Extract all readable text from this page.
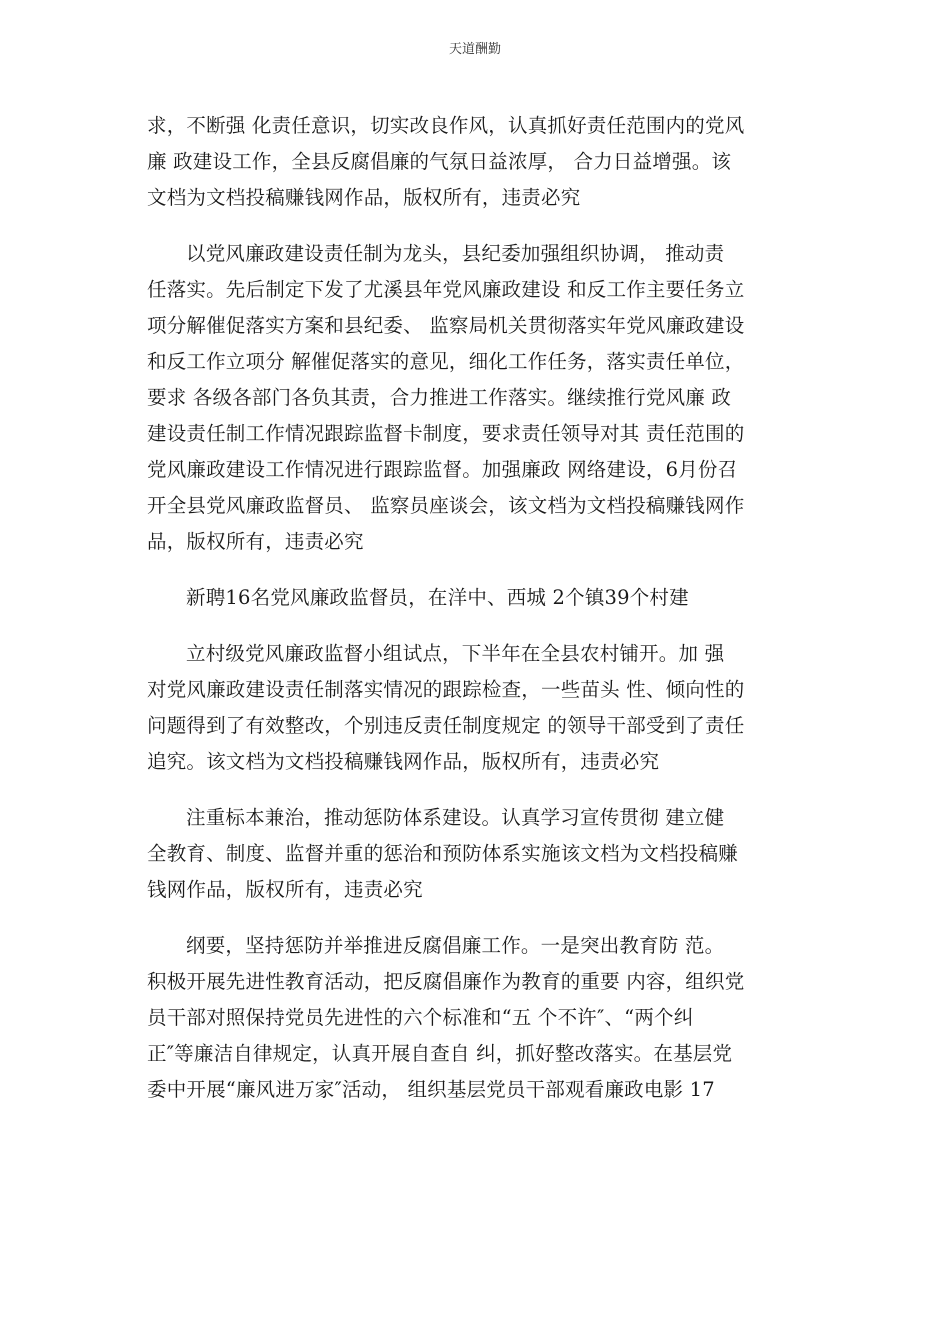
天道酬勤

求，不断强 化责任意识，切实改良作风，认真抓好责任范围内的党风
廉 政建设工作，全县反腐倡廉的气氛日益浓厚， 合力日益增强。该
文档为文档投稿赚钱网作品，版权所有，违责必究

以党风廉政建设责任制为龙头，县纪委加强组织协调， 推动责
任落实。先后制定下发了尤溪县年党风廉政建设 和反工作主要任务立
项分解催促落实方案和县纪委、 监察局机关贯彻落实年党风廉政建设
和反工作立项分 解催促落实的意见，细化工作任务，落实责任单位，
要求 各级各部门各负其责，合力推进工作落实。继续推行党风廉 政
建设责任制工作情况跟踪监督卡制度，要求责任领导对其 责任范围的
党风廉政建设工作情况进行跟踪监督。加强廉政 网络建设，6月份召
开全县党风廉政监督员、 监察员座谈会，该文档为文档投稿赚钱网作
品，版权所有，违责必究

新聘16名党风廉政监督员，在洋中、西城 2个镇39个村建

立村级党风廉政监督小组试点，下半年在全县农村铺开。加 强
对党风廉政建设责任制落实情况的跟踪检查，一些苗头 性、倾向性的
问题得到了有效整改，个别违反责任制度规定 的领导干部受到了责任
追究。该文档为文档投稿赚钱网作品，版权所有，违责必究

注重标本兼治，推动惩防体系建设。认真学习宣传贯彻 建立健
全教育、制度、监督并重的惩治和预防体系实施该文档为文档投稿赚
钱网作品，版权所有，违责必究

纲要，坚持惩防并举推进反腐倡廉工作。一是突出教育防 范。
积极开展先进性教育活动，把反腐倡廉作为教育的重要 内容，组织党
员干部对照保持党员先进性的六个标准和“五 个不许″、“两个纠
正″等廉洁自律规定，认真开展自查自 纠，抓好整改落实。在基层党
委中开展“廉风进万家″活动， 组织基层党员干部观看廉政电影 17
